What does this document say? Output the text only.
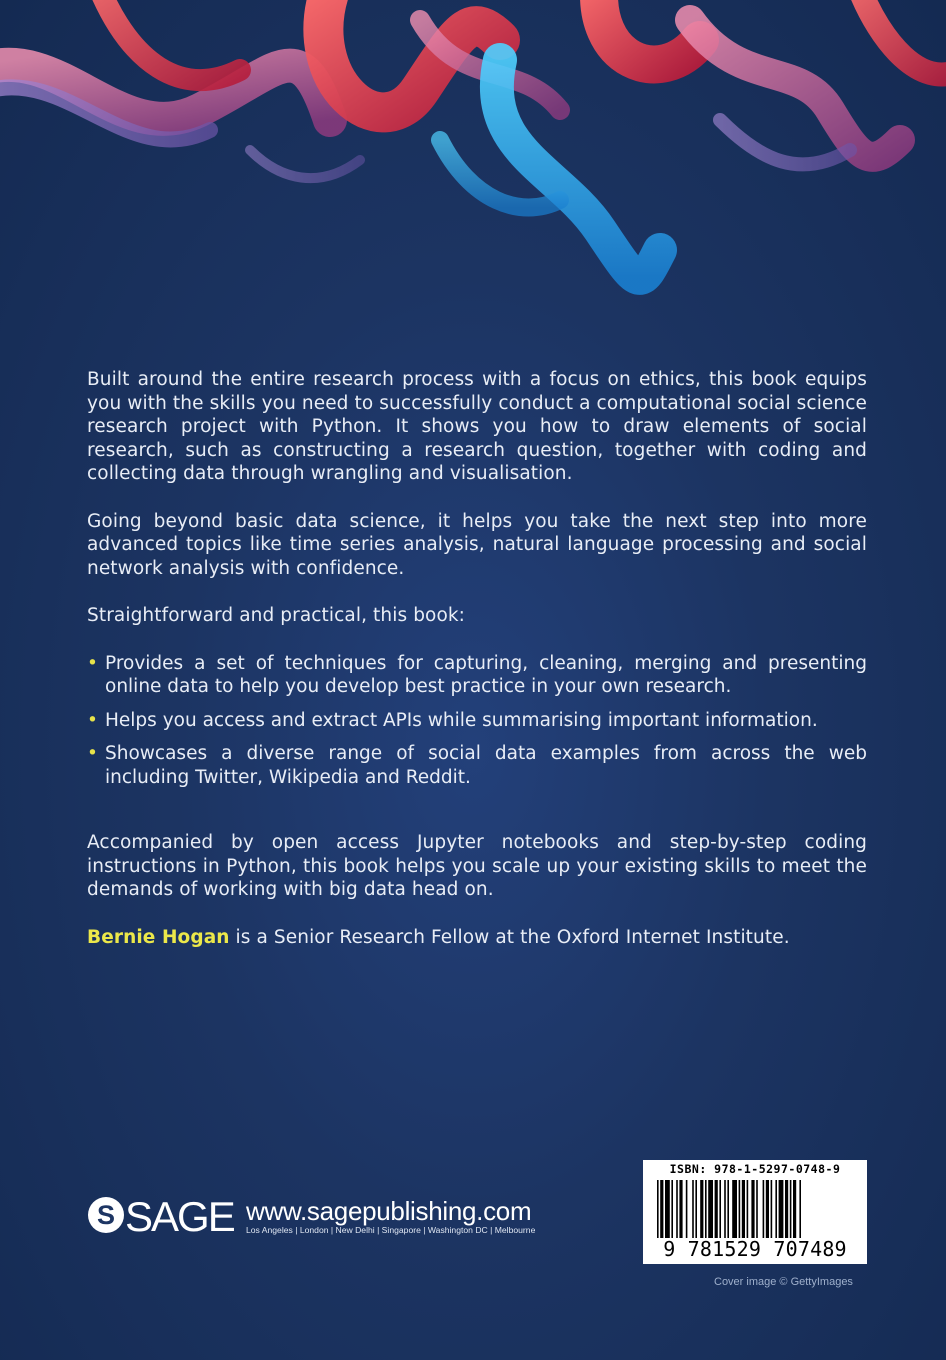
Built around the entire research process with a focus on ethics, this book equips you with the skills you need to successfully conduct a computational social science research project with Python. It shows you how to draw elements of social research, such as constructing a research question, together with coding and collecting data through wrangling and visualisation.

Going beyond basic data science, it helps you take the next step into more advanced topics like time series analysis, natural language processing and social network analysis with confidence.

Straightforward and practical, this book:

• Provides a set of techniques for capturing, cleaning, merging and presenting online data to help you develop best practice in your own research.
• Helps you access and extract APIs while summarising important information.
• Showcases a diverse range of social data examples from across the web including Twitter, Wikipedia and Reddit.

Accompanied by open access Jupyter notebooks and step-by-step coding instructions in Python, this book helps you scale up your existing skills to meet the demands of working with big data head on.

Bernie Hogan is a Senior Research Fellow at the Oxford Internet Institute.

S SAGE www.sagepublishing.com
Los Angeles | London | New Delhi | Singapore | Washington DC | Melbourne
ISBN: 978-1-5297-0748-9
9 781529 707489
Cover image © GettyImages
